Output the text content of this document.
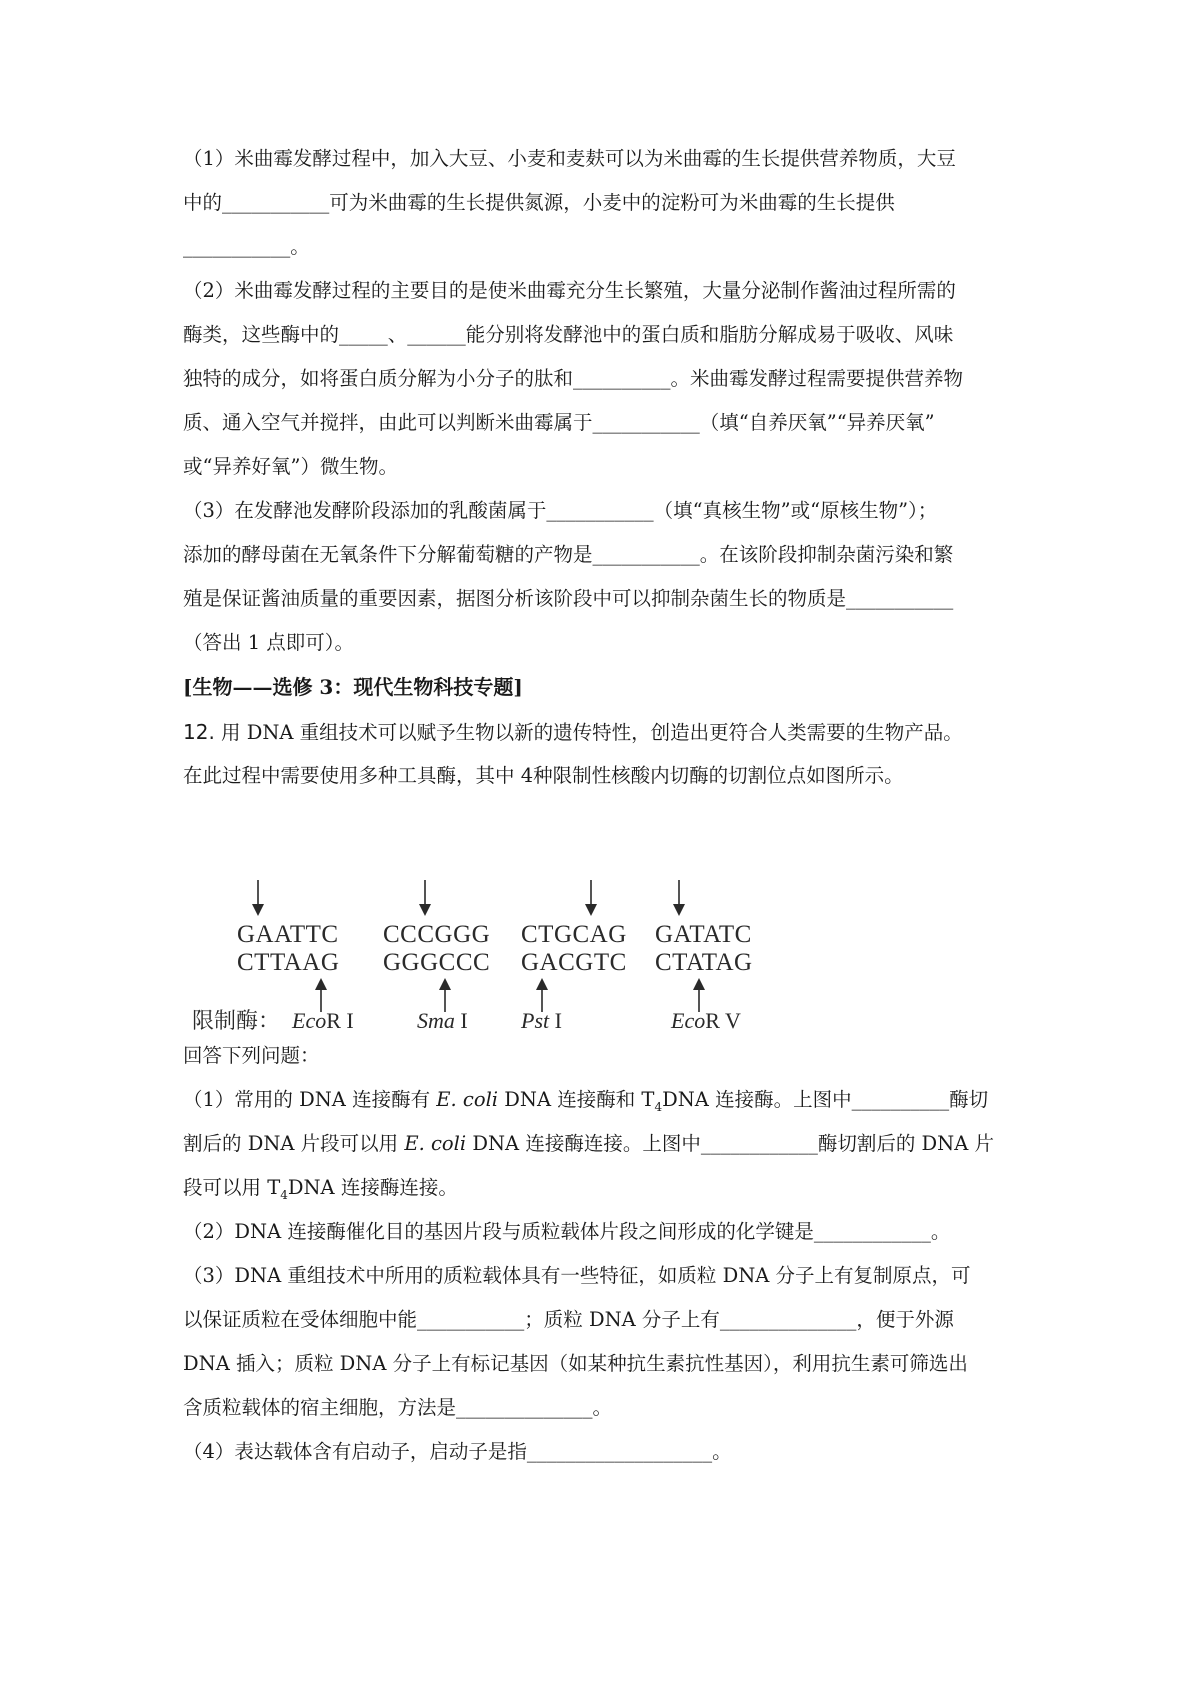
（1）米曲霉发酵过程中，加入大豆、小麦和麦麸可以为米曲霉的生长提供营养物质，大豆
中的___________可为米曲霉的生长提供氮源，小麦中的淀粉可为米曲霉的生长提供
___________。
（2）米曲霉发酵过程的主要目的是使米曲霉充分生长繁殖，大量分泌制作酱油过程所需的
酶类，这些酶中的_____、______能分别将发酵池中的蛋白质和脂肪分解成易于吸收、风味
独特的成分，如将蛋白质分解为小分子的肽和__________。米曲霉发酵过程需要提供营养物
质、通入空气并搅拌，由此可以判断米曲霉属于___________（填“自养厌氧”“异养厌氧”
或“异养好氧”）微生物。
（3）在发酵池发酵阶段添加的乳酸菌属于___________（填“真核生物”或“原核生物”）；
添加的酵母菌在无氧条件下分解葡萄糖的产物是___________。在该阶段抑制杂菌污染和繁
殖是保证酱油质量的重要因素，据图分析该阶段中可以抑制杂菌生长的物质是___________
（答出 1 点即可）。
[生物——选修 3：现代生物科技专题]
12. 用 DNA 重组技术可以赋予生物以新的遗传特性，创造出更符合人类需要的生物产品。
在此过程中需要使用多种工具酶，其中 4种限制性核酸内切酶的切割位点如图所示。
GAATTC
CTTAAG
CCCGGG
GGGCCC
CTGCAG
GACGTC
GATATC
CTATAG
限制酶： EcoR I	Sma I Pst I	EcoR V
回答下列问题：
（1）常用的 DNA 连接酶有 E. coli DNA 连接酶和 $T_4DNA$ 连接酶。上图中__________酶切
割后的 DNA 片段可以用 E. coli DNA 连接酶连接。上图中____________酶切割后的 DNA 片
段可以用 $T_4DNA$ 连接酶连接。
（2）DNA 连接酶催化目的基因片段与质粒载体片段之间形成的化学键是____________。
（3）DNA 重组技术中所用的质粒载体具有一些特征，如质粒 DNA 分子上有复制原点，可
以保证质粒在受体细胞中能___________；质粒 DNA 分子上有______________，便于外源
DNA 插入；质粒 DNA 分子上有标记基因（如某种抗生素抗性基因），利用抗生素可筛选出
含质粒载体的宿主细胞，方法是______________。
（4）表达载体含有启动子，启动子是指___________________。
